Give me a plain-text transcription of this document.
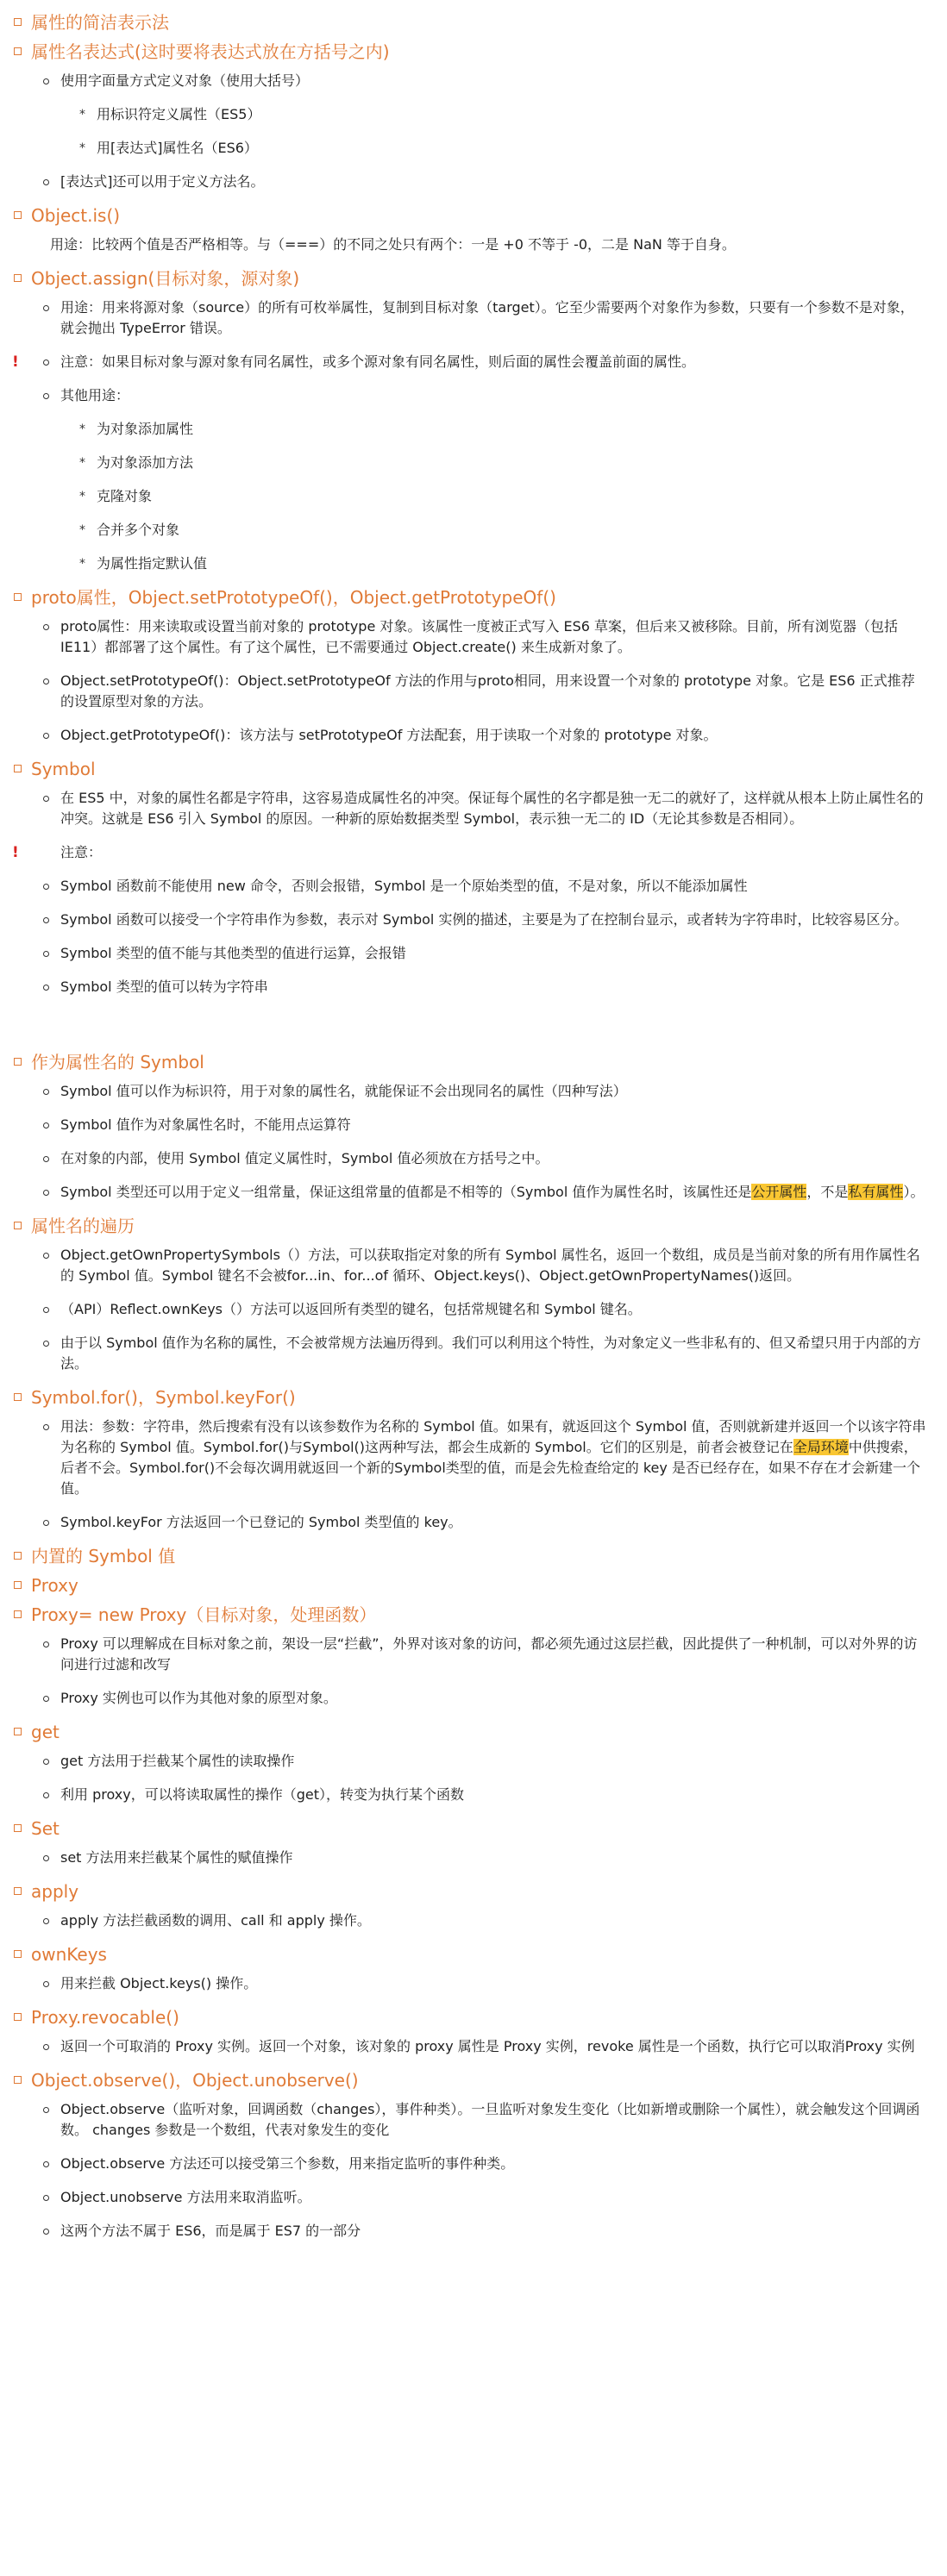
属性的简洁表示法
属性名表达式(这时要将表达式放在方括号之内)
使用字面量方式定义对象（使用大括号）
* 用标识符定义属性（ES5）
* 用[表达式]属性名（ES6）
[表达式]还可以用于定义方法名。
Object.is()
用途：比较两个值是否严格相等。与（===）的不同之处只有两个：一是 +0 不等于 -0，二是 NaN 等于自身。
Object.assign(目标对象，源对象)
用途：用来将源对象（source）的所有可枚举属性，复制到目标对象（target）。它至少需要两个对象作为参数，只要有一个参数不是对象，就会抛出 TypeError 错误。
!	注意：如果目标对象与源对象有同名属性，或多个源对象有同名属性，则后面的属性会覆盖前面的属性。
其他用途：
* 为对象添加属性
* 为对象添加方法
* 克隆对象
* 合并多个对象
* 为属性指定默认值
proto属性，Object.setPrototypeOf()，Object.getPrototypeOf()
proto属性：用来读取或设置当前对象的 prototype 对象。该属性一度被正式写入 ES6 草案，但后来又被移除。目前，所有浏览器（包括 IE11）都部署了这个属性。有了这个属性，已不需要通过 Object.create() 来生成新对象了。
Object.setPrototypeOf()：Object.setPrototypeOf 方法的作用与proto相同，用来设置一个对象的 prototype 对象。它是 ES6 正式推荐的设置原型对象的方法。
Object.getPrototypeOf()：该方法与 setPrototypeOf 方法配套，用于读取一个对象的 prototype 对象。
Symbol
在 ES5 中，对象的属性名都是字符串，这容易造成属性名的冲突。保证每个属性的名字都是独一无二的就好了，这样就从根本上防止属性名的冲突。这就是 ES6 引入 Symbol 的原因。一种新的原始数据类型 Symbol，表示独一无二的 ID（无论其参数是否相同）。
!	注意：
Symbol 函数前不能使用 new 命令，否则会报错，Symbol 是一个原始类型的值，不是对象，所以不能添加属性
Symbol 函数可以接受一个字符串作为参数，表示对 Symbol 实例的描述，主要是为了在控制台显示，或者转为字符串时，比较容易区分。
Symbol 类型的值不能与其他类型的值进行运算，会报错
Symbol 类型的值可以转为字符串
作为属性名的 Symbol
Symbol 值可以作为标识符，用于对象的属性名，就能保证不会出现同名的属性（四种写法）
Symbol 值作为对象属性名时，不能用点运算符
在对象的内部，使用 Symbol 值定义属性时，Symbol 值必须放在方括号之中。
Symbol 类型还可以用于定义一组常量，保证这组常量的值都是不相等的（Symbol 值作为属性名时，该属性还是公开属性，不是私有属性）。
属性名的遍历
Object.getOwnPropertySymbols（）方法，可以获取指定对象的所有 Symbol 属性名，返回一个数组，成员是当前对象的所有用作属性名的 Symbol 值。Symbol 键名不会被for...in、for...of 循环、Object.keys()、Object.getOwnPropertyNames()返回。
（API）Reflect.ownKeys（）方法可以返回所有类型的键名，包括常规键名和 Symbol 键名。
由于以 Symbol 值作为名称的属性，不会被常规方法遍历得到。我们可以利用这个特性，为对象定义一些非私有的、但又希望只用于内部的方法。
Symbol.for()，Symbol.keyFor()
用法：参数：字符串，然后搜索有没有以该参数作为名称的 Symbol 值。如果有，就返回这个 Symbol 值，否则就新建并返回一个以该字符串为名称的 Symbol 值。Symbol.for()与Symbol()这两种写法，都会生成新的 Symbol。它们的区别是，前者会被登记在全局环境中供搜索，后者不会。Symbol.for()不会每次调用就返回一个新的Symbol类型的值，而是会先检查给定的 key 是否已经存在，如果不存在才会新建一个值。
Symbol.keyFor 方法返回一个已登记的 Symbol 类型值的 key。
内置的 Symbol 值
Proxy
Proxy= new Proxy（目标对象，处理函数）
Proxy 可以理解成在目标对象之前，架设一层“拦截”，外界对该对象的访问，都必须先通过这层拦截，因此提供了一种机制，可以对外界的访问进行过滤和改写
Proxy 实例也可以作为其他对象的原型对象。
get
get 方法用于拦截某个属性的读取操作
利用 proxy，可以将读取属性的操作（get），转变为执行某个函数
Set
set 方法用来拦截某个属性的赋值操作
apply
apply 方法拦截函数的调用、call 和 apply 操作。
ownKeys
用来拦截 Object.keys() 操作。
Proxy.revocable()
返回一个可取消的 Proxy 实例。返回一个对象，该对象的 proxy 属性是 Proxy 实例，revoke 属性是一个函数，执行它可以取消Proxy 实例
Object.observe()，Object.unobserve()
Object.observe（监听对象，回调函数（changes），事件种类）。一旦监听对象发生变化（比如新增或删除一个属性），就会触发这个回调函数。 changes 参数是一个数组，代表对象发生的变化
Object.observe 方法还可以接受第三个参数，用来指定监听的事件种类。
Object.unobserve 方法用来取消监听。
这两个方法不属于 ES6，而是属于 ES7 的一部分
